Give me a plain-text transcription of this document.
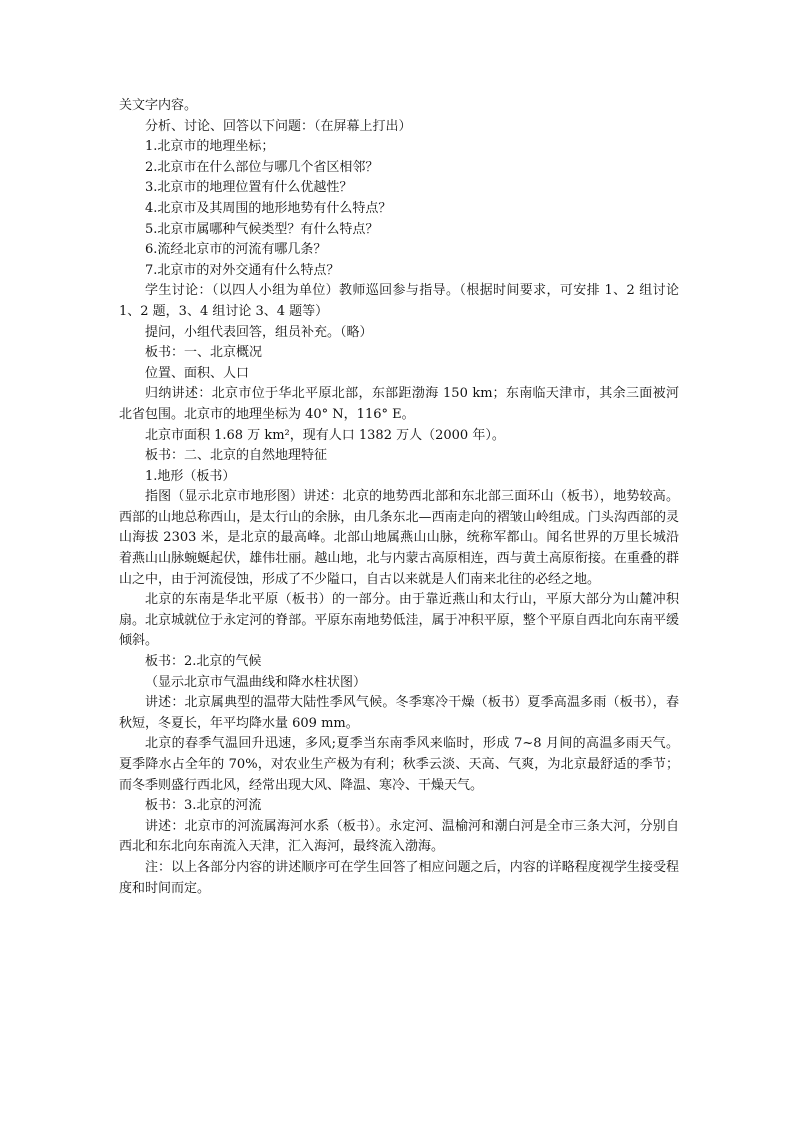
关文字内容。

分析、讨论、回答以下问题：（在屏幕上打出）

1.北京市的地理坐标；

2.北京市在什么部位与哪几个省区相邻？

3.北京市的地理位置有什么优越性？

4.北京市及其周围的地形地势有什么特点？

5.北京市属哪种气候类型？有什么特点？

6.流经北京市的河流有哪几条？

7.北京市的对外交通有什么特点？

学生讨论：（以四人小组为单位）教师巡回参与指导。（根据时间要求，可安排 1、2 组讨论 1、2 题，3、4 组讨论 3、4 题等）

提问，小组代表回答，组员补充。（略）

板书：一、北京概况

位置、面积、人口

归纳讲述：北京市位于华北平原北部，东部距渤海 150 km；东南临天津市，其余三面被河北省包围。北京市的地理坐标为 40° N，116° E。

北京市面积 1.68 万 km²，现有人口 1382 万人（2000 年）。

板书：二、北京的自然地理特征

1.地形（板书）

指图（显示北京市地形图）讲述：北京的地势西北部和东北部三面环山（板书），地势较高。西部的山地总称西山，是太行山的余脉，由几条东北—西南走向的褶皱山岭组成。门头沟西部的灵山海拔 2303 米，是北京的最高峰。北部山地属燕山山脉，统称军都山。闻名世界的万里长城沿着燕山山脉蜿蜒起伏，雄伟壮丽。越山地，北与内蒙古高原相连，西与黄土高原衔接。在重叠的群山之中，由于河流侵蚀，形成了不少隘口，自古以来就是人们南来北往的必经之地。

北京的东南是华北平原（板书）的一部分。由于靠近燕山和太行山，平原大部分为山麓冲积扇。北京城就位于永定河的脊部。平原东南地势低洼，属于冲积平原，整个平原自西北向东南平缓倾斜。

板书：2.北京的气候

（显示北京市气温曲线和降水柱状图）

讲述：北京属典型的温带大陆性季风气候。冬季寒冷干燥（板书）夏季高温多雨（板书），春秋短，冬夏长，年平均降水量 609 mm。

北京的春季气温回升迅速，多风;夏季当东南季风来临时，形成 7~8 月间的高温多雨天气。夏季降水占全年的 70%，对农业生产极为有利；秋季云淡、天高、气爽，为北京最舒适的季节；而冬季则盛行西北风，经常出现大风、降温、寒冷、干燥天气。

板书：3.北京的河流

讲述：北京市的河流属海河水系（板书）。永定河、温榆河和潮白河是全市三条大河，分别自西北和东北向东南流入天津，汇入海河，最终流入渤海。

注：以上各部分内容的讲述顺序可在学生回答了相应问题之后，内容的详略程度视学生接受程度和时间而定。
